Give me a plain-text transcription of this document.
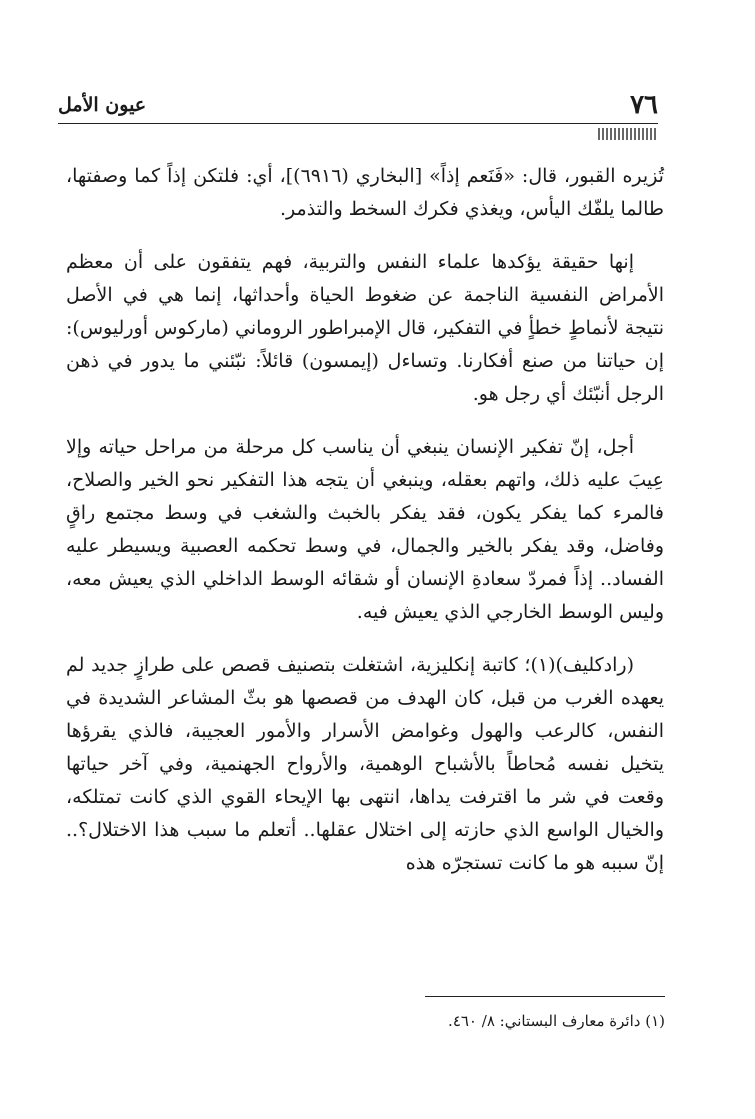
٧٦
عيون الأمل

تُزيره القبور، قال: «فَنَعم إذاً» [البخاري (٦٩١٦)]، أي: فلتكن إذاً كما وصفتها، طالما يلفّك اليأس، ويغذي فكرك السخط والتذمر.

إنها حقيقة يؤكدها علماء النفس والتربية، فهم يتفقون على أن معظم الأمراض النفسية الناجمة عن ضغوط الحياة وأحداثها، إنما هي في الأصل نتيجة لأنماطٍ خطأٍ في التفكير، قال الإمبراطور الروماني (ماركوس أورليوس): إن حياتنا من صنع أفكارنا. وتساءل (إيمسون) قائلاً: نبّئني ما يدور في ذهن الرجل أنبّئك أي رجل هو.

أجل، إنّ تفكير الإنسان ينبغي أن يناسب كل مرحلة من مراحل حياته وإلا عِيبَ عليه ذلك، واتهم بعقله، وينبغي أن يتجه هذا التفكير نحو الخير والصلاح، فالمرء كما يفكر يكون، فقد يفكر بالخبث والشغب في وسط مجتمع راقٍ وفاضل، وقد يفكر بالخير والجمال، في وسط تحكمه العصبية ويسيطر عليه الفساد.. إذاً فمردّ سعادةِ الإنسان أو شقائه الوسط الداخلي الذي يعيش معه، وليس الوسط الخارجي الذي يعيش فيه.

(رادكليف)(١)؛ كاتبة إنكليزية، اشتغلت بتصنيف قصص على طرازٍ جديد لم يعهده الغرب من قبل، كان الهدف من قصصها هو بثّ المشاعر الشديدة في النفس، كالرعب والهول وغوامض الأسرار والأمور العجيبة، فالذي يقرؤها يتخيل نفسه مُحاطاً بالأشباح الوهمية، والأرواح الجهنمية، وفي آخر حياتها وقعت في شر ما اقترفت يداها، انتهى بها الإيحاء القوي الذي كانت تمتلكه، والخيال الواسع الذي حازته إلى اختلال عقلها.. أتعلم ما سبب هذا الاختلال؟.. إنّ سببه هو ما كانت تستجرّه هذه

(١) دائرة معارف البستاني: ٨/ ٤٦٠.
